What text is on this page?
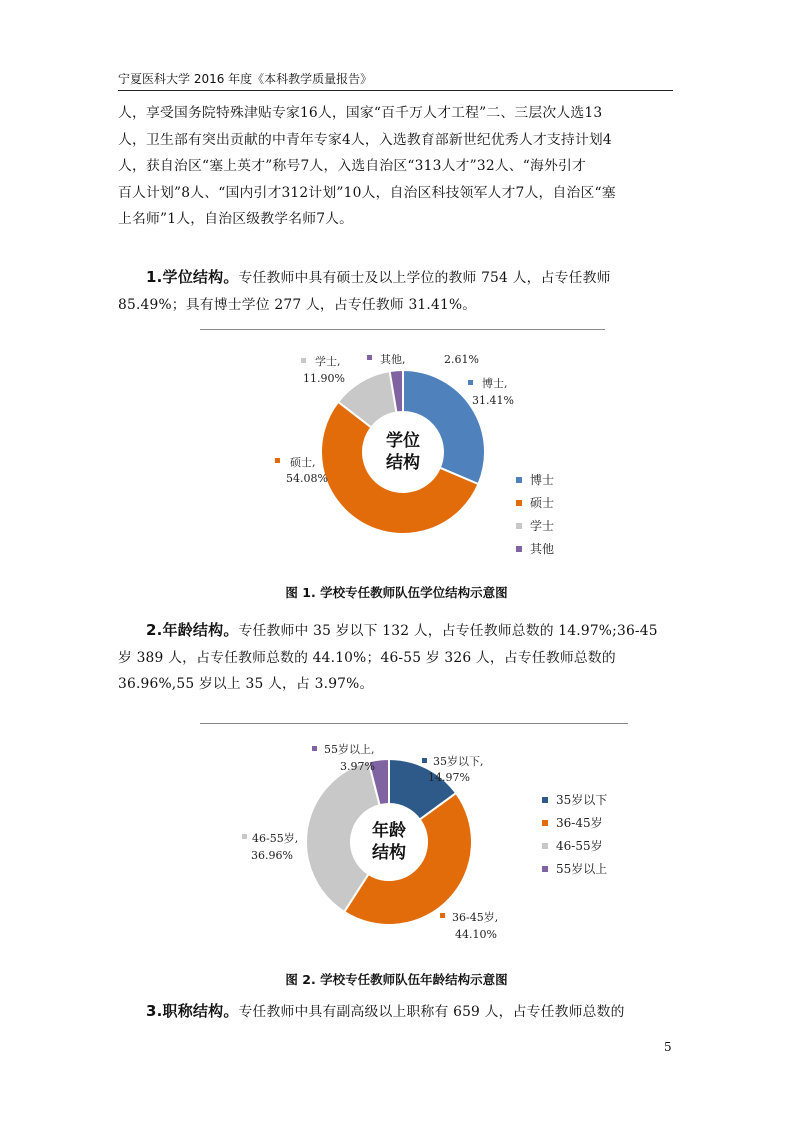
宁夏医科大学 2016 年度《本科教学质量报告》
人，享受国务院特殊津贴专家16人，国家“百千万人才工程”二、三层次人选13
人，卫生部有突出贡献的中青年专家4人，入选教育部新世纪优秀人才支持计划4
人，获自治区“塞上英才”称号7人，入选自治区“313人才”32人、“海外引才
百人计划”8人、“国内引才312计划”10人，自治区科技领军人才7人，自治区“塞
上名师”1人，自治区级教学名师7人。
1.学位结构。专任教师中具有硕士及以上学位的教师 754 人，占专任教师
85.49%；具有博士学位 277 人，占专任教师 31.41%。
学位
结构
博士,
31.41%
硕士,
54.08%
学士,
11.90%
其他,	2.61%
博士
硕士
学士
其他
图 1. 学校专任教师队伍学位结构示意图
2.年龄结构。专任教师中 35 岁以下 132 人，占专任教师总数的 14.97%;36-45
岁 389 人，占专任教师总数的 44.10%；46-55 岁 326 人，占专任教师总数的
36.96%,55 岁以上 35 人，占 3.97%。
年龄
结构
35岁以下,
14.97%
36-45岁,
44.10%
46-55岁,
36.96%
55岁以上,
3.97%
35岁以下
36-45岁
46-55岁
55岁以上
图 2. 学校专任教师队伍年龄结构示意图
3.职称结构。专任教师中具有副高级以上职称有 659 人，占专任教师总数的
5
